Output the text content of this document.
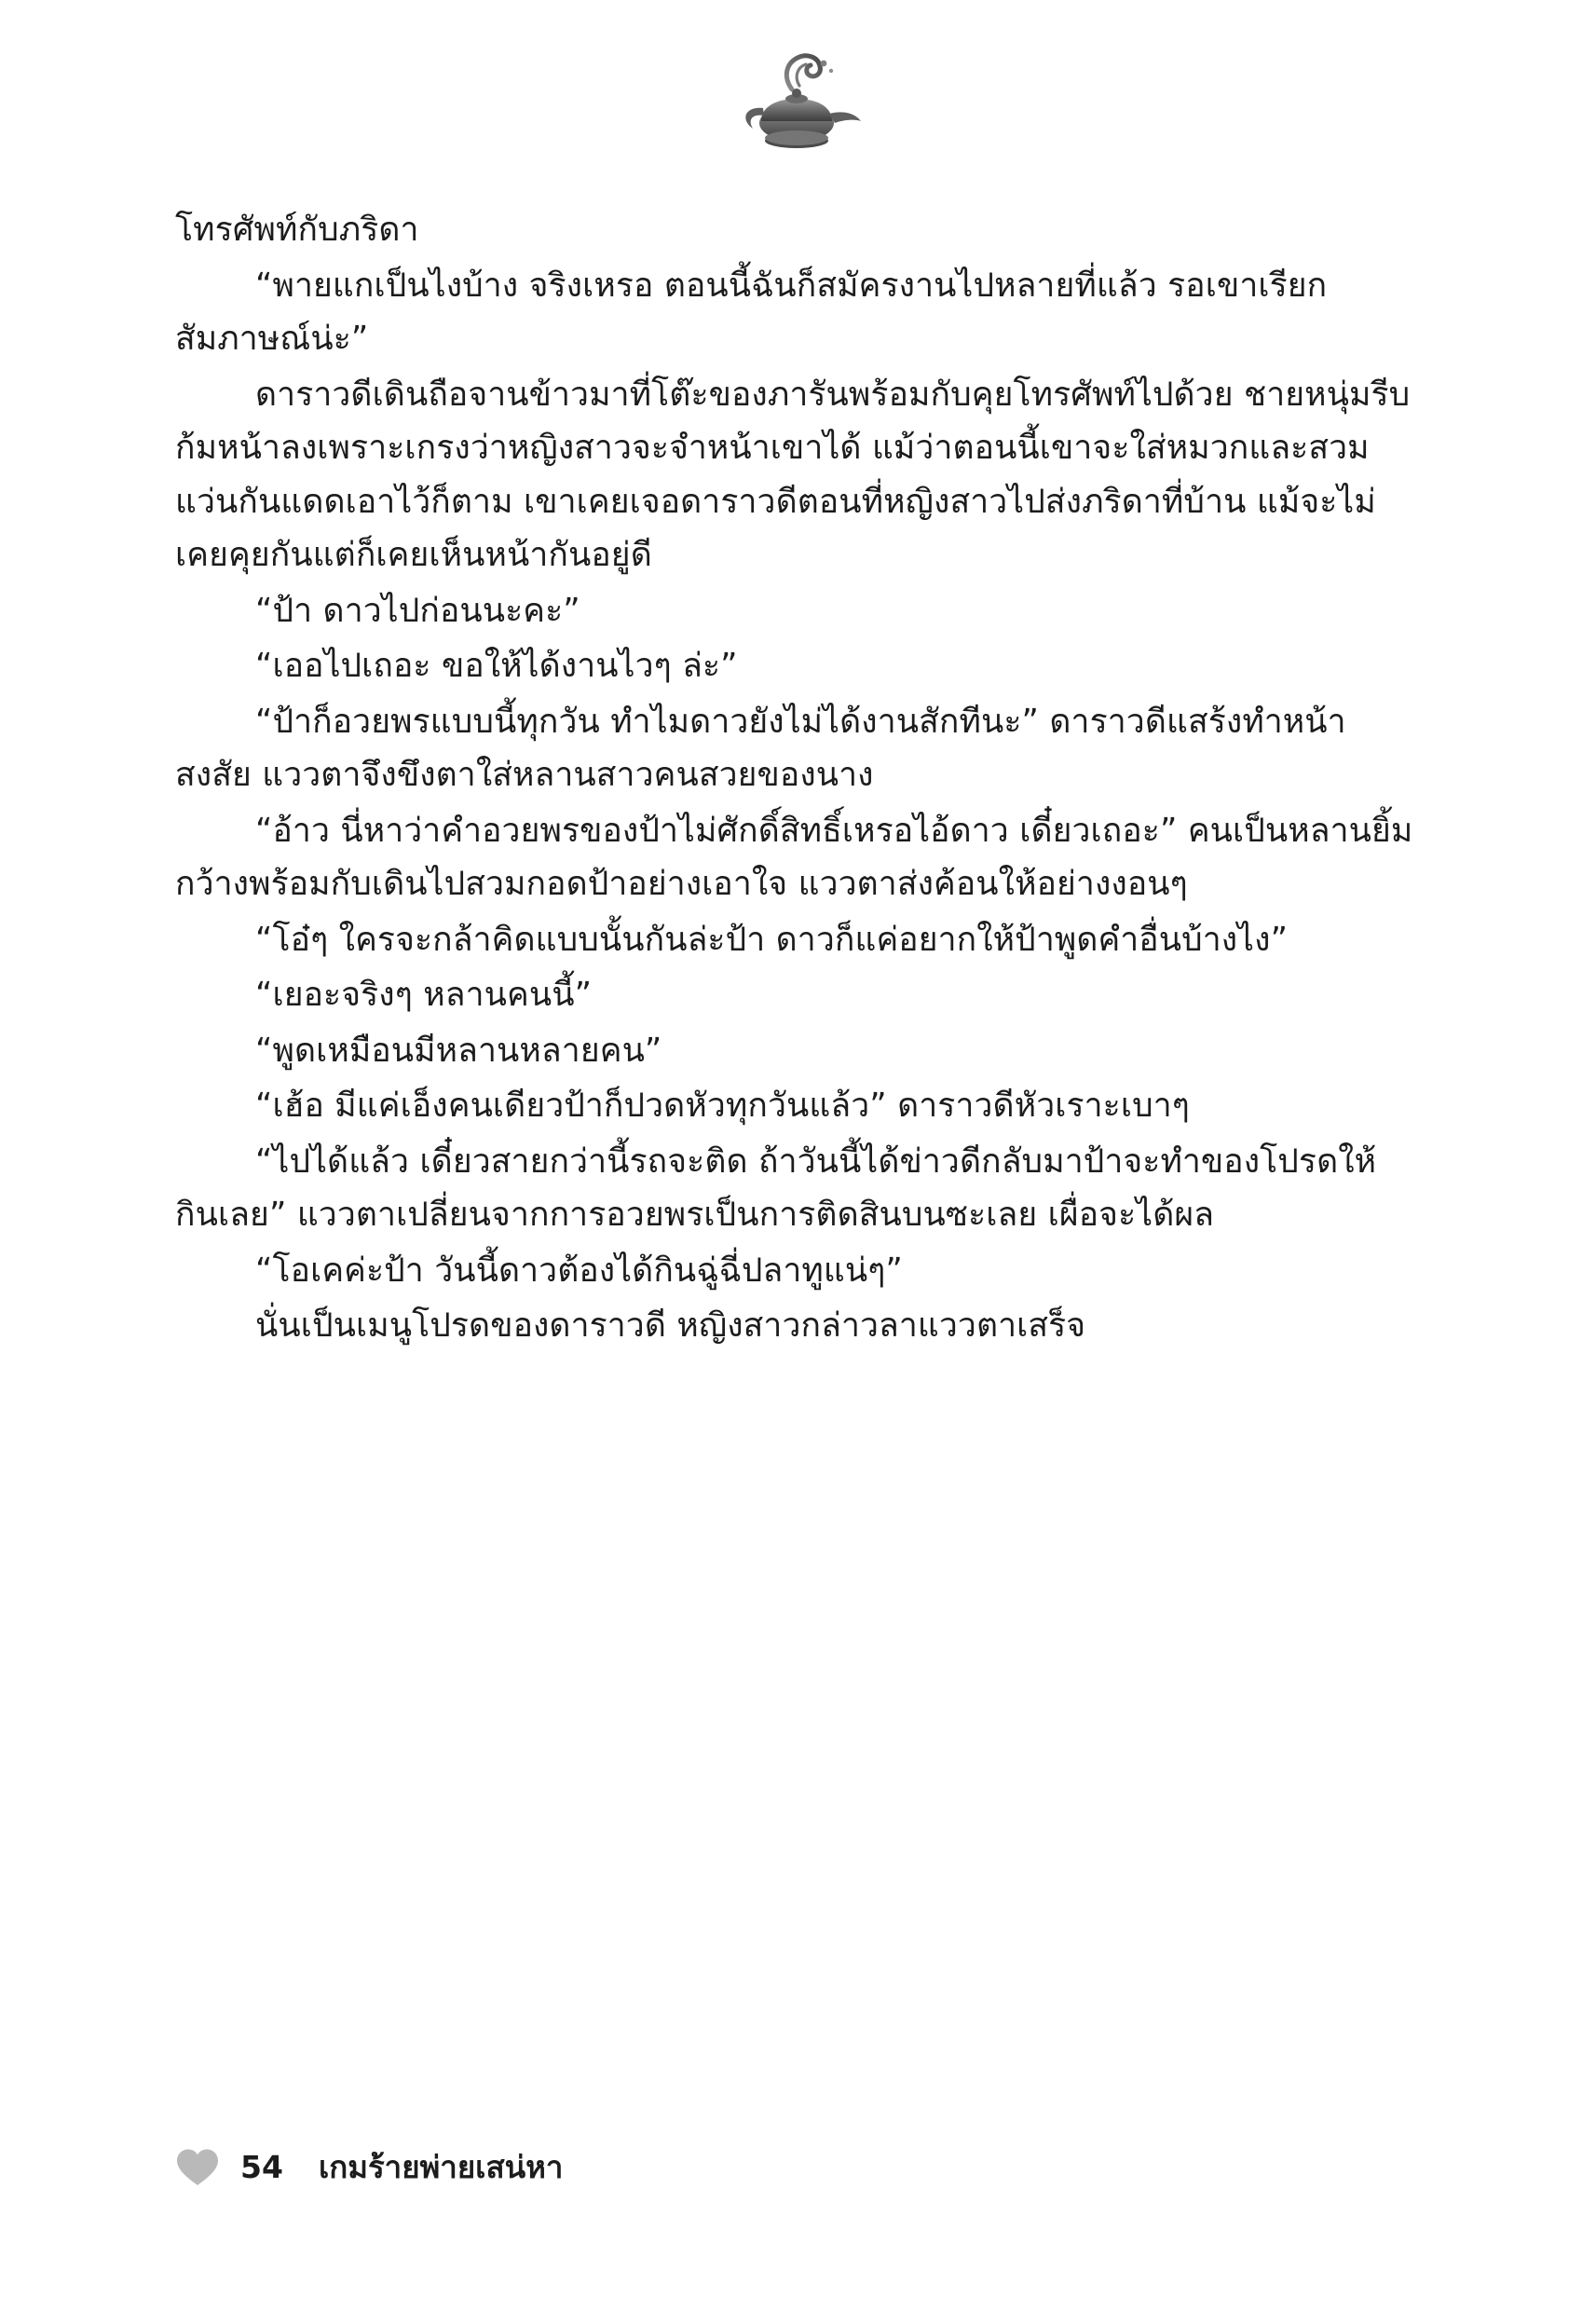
โทรศัพท์กับภริดา

“พายแกเป็นไงบ้าง จริงเหรอ ตอนนี้ฉันก็สมัครงานไปหลายที่แล้ว รอเขาเรียกสัมภาษณ์น่ะ”

ดาราวดีเดินถือจานข้าวมาที่โต๊ะของภารันพร้อมกับคุยโทรศัพท์ไปด้วย ชายหนุ่มรีบก้มหน้าลงเพราะเกรงว่าหญิงสาวจะจำหน้าเขาได้ แม้ว่าตอนนี้เขาจะใส่หมวกและสวมแว่นกันแดดเอาไว้ก็ตาม เขาเคยเจอดาราวดีตอนที่หญิงสาวไปส่งภริดาที่บ้าน แม้จะไม่เคยคุยกันแต่ก็เคยเห็นหน้ากันอยู่ดี

“ป้า ดาวไปก่อนนะคะ”

“เออไปเถอะ ขอให้ได้งานไวๆ ล่ะ”

“ป้าก็อวยพรแบบนี้ทุกวัน ทำไมดาวยังไม่ได้งานสักทีนะ” ดาราวดีแสร้งทำหน้าสงสัย แววตาจึงขึงตาใส่หลานสาวคนสวยของนาง

“อ้าว นี่หาว่าคำอวยพรของป้าไม่ศักดิ์สิทธิ์เหรอไอ้ดาว เดี๋ยวเถอะ” คนเป็นหลานยิ้มกว้างพร้อมกับเดินไปสวมกอดป้าอย่างเอาใจ แววตาส่งค้อนให้อย่างงอนๆ

“โอ๋ๆ ใครจะกล้าคิดแบบนั้นกันล่ะป้า ดาวก็แค่อยากให้ป้าพูดคำอื่นบ้างไง”

“เยอะจริงๆ หลานคนนี้”

“พูดเหมือนมีหลานหลายคน”

“เฮ้อ มีแค่เอ็งคนเดียวป้าก็ปวดหัวทุกวันแล้ว” ดาราวดีหัวเราะเบาๆ

“ไปได้แล้ว เดี๋ยวสายกว่านี้รถจะติด ถ้าวันนี้ได้ข่าวดีกลับมาป้าจะทำของโปรดให้กินเลย” แววตาเปลี่ยนจากการอวยพรเป็นการติดสินบนซะเลย เผื่อจะได้ผล

“โอเคค่ะป้า วันนี้ดาวต้องได้กินฉู่ฉี่ปลาทูแน่ๆ”

นั่นเป็นเมนูโปรดของดาราวดี หญิงสาวกล่าวลาแววตาเสร็จ

54 เกมร้ายพ่ายเสน่หา
